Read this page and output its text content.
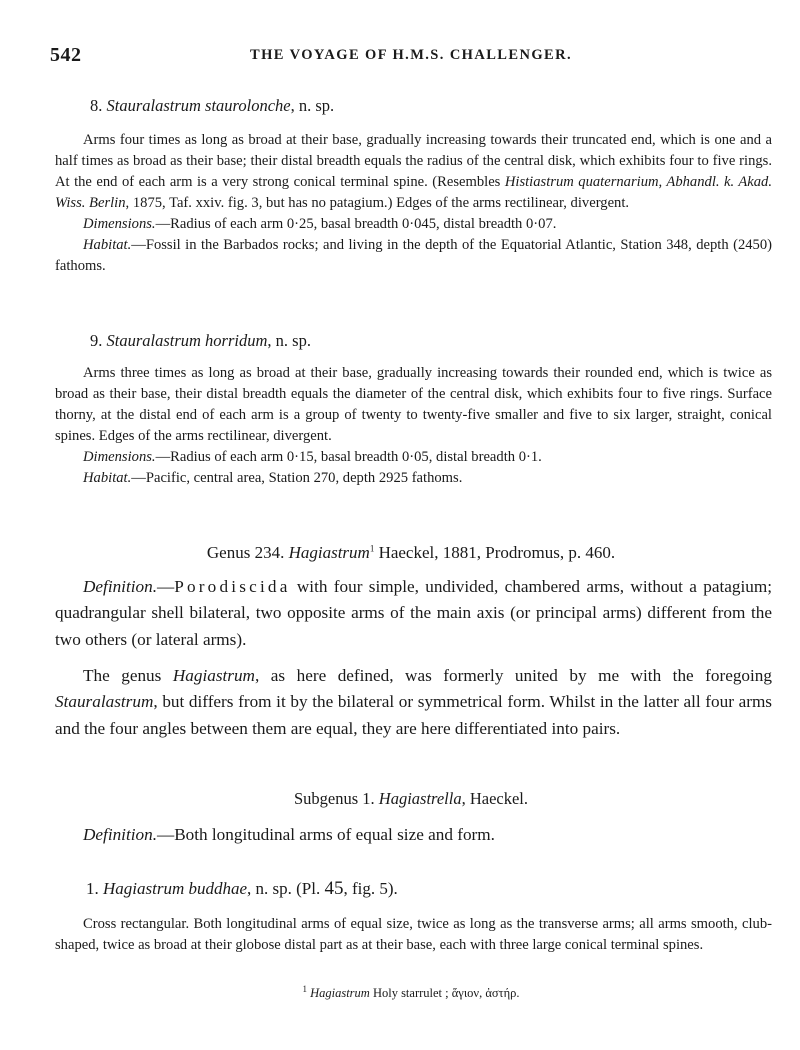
542	THE VOYAGE OF H.M.S. CHALLENGER.
8. Stauralastrum staurolonche, n. sp.

Arms four times as long as broad at their base, gradually increasing towards their truncated end, which is one and a half times as broad as their base; their distal breadth equals the radius of the central disk, which exhibits four to five rings. At the end of each arm is a very strong conical terminal spine. (Resembles Histiastrum quaternarium, Abhandl. k. Akad. Wiss. Berlin, 1875, Taf. xxiv. fig. 3, but has no patagium.) Edges of the arms rectilinear, divergent.

Dimensions.—Radius of each arm 0·25, basal breadth 0·045, distal breadth 0·07.

Habitat.—Fossil in the Barbados rocks; and living in the depth of the Equatorial Atlantic, Station 348, depth (2450) fathoms.

9. Stauralastrum horridum, n. sp.

Arms three times as long as broad at their base, gradually increasing towards their rounded end, which is twice as broad as their base, their distal breadth equals the diameter of the central disk, which exhibits four to five rings. Surface thorny, at the distal end of each arm is a group of twenty to twenty-five smaller and five to six larger, straight, conical spines. Edges of the arms rectilinear, divergent.

Dimensions.—Radius of each arm 0·15, basal breadth 0·05, distal breadth 0·1.

Habitat.—Pacific, central area, Station 270, depth 2925 fathoms.

Genus 234. Hagiastrum$^1$ Haeckel, 1881, Prodromus, p. 460.

Definition.—Porodiscida with four simple, undivided, chambered arms, without a patagium; quadrangular shell bilateral, two opposite arms of the main axis (or principal arms) different from the two others (or lateral arms).

The genus Hagiastrum, as here defined, was formerly united by me with the foregoing Stauralastrum, but differs from it by the bilateral or symmetrical form. Whilst in the latter all four arms and the four angles between them are equal, they are here differentiated into pairs.

Subgenus 1. Hagiastrella, Haeckel.

Definition.—Both longitudinal arms of equal size and form.

1. Hagiastrum buddhae, n. sp. (Pl. 45, fig. 5).

Cross rectangular. Both longitudinal arms of equal size, twice as long as the transverse arms; all arms smooth, club-shaped, twice as broad at their globose distal part as at their base, each with three large conical terminal spines.

$^1$ Hagiastrum Holy starrulet ; ἅγιον, ἀστήρ.
